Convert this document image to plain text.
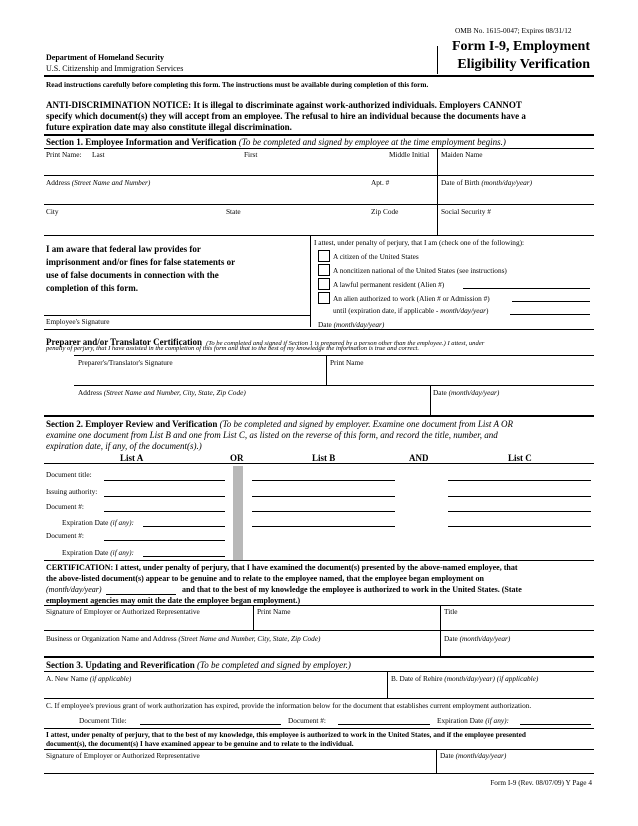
OMB No. 1615-0047; Expires 08/31/12
Form I-9, Employment
Eligibility Verification
Department of Homeland Security
U.S. Citizenship and Immigration Services
Read instructions carefully before completing this form. The instructions must be available during completion of this form.
ANTI-DISCRIMINATION NOTICE: It is illegal to discriminate against work-authorized individuals. Employers CANNOT
specify which document(s) they will accept from an employee. The refusal to hire an individual because the documents have a
future expiration date may also constitute illegal discrimination.
Section 1. Employee Information and Verification (To be completed and signed by employee at the time employment begins.)
Print Name: Last	First	Middle Initial Maiden Name
Address (Street Name and Number)	Apt. #	Date of Birth (month/day/year)
City	State	Zip Code	Social Security #
I am aware that federal law provides for
imprisonment and/or fines for false statements or
use of false documents in connection with the
completion of this form.
I attest, under penalty of perjury, that I am (check one of the following):
A citizen of the United States
A noncitizen national of the United States (see instructions)
A lawful permanent resident (Alien #)
An alien authorized to work (Alien # or Admission #)
until (expiration date, if applicable - month/day/year)
Employee's Signature	Date (month/day/year)
Preparer and/or Translator Certification (To be completed and signed if Section 1 is prepared by a person other than the employee.) I attest, under
penalty of perjury, that I have assisted in the completion of this form and that to the best of my knowledge the information is true and correct.
Preparer's/Translator's Signature	Print Name
Address (Street Name and Number, City, State, Zip Code)	Date (month/day/year)
Section 2. Employer Review and Verification (To be completed and signed by employer. Examine one document from List A OR
examine one document from List B and one from List C, as listed on the reverse of this form, and record the title, number, and
expiration date, if any, of the document(s).)
List A	OR	List B	AND	List C
Document title:
Issuing authority:
Document #:
Expiration Date (if any):
Document #:
Expiration Date (if any):
CERTIFICATION: I attest, under penalty of perjury, that I have examined the document(s) presented by the above-named employee, that
the above-listed document(s) appear to be genuine and to relate to the employee named, that the employee began employment on
(month/day/year)	and that to the best of my knowledge the employee is authorized to work in the United States. (State
employment agencies may omit the date the employee began employment.)
Signature of Employer or Authorized Representative	Print Name	Title
Business or Organization Name and Address (Street Name and Number, City, State, Zip Code)	Date (month/day/year)
Section 3. Updating and Reverification (To be completed and signed by employer.)
A. New Name (if applicable)	B. Date of Rehire (month/day/year) (if applicable)
C. If employee's previous grant of work authorization has expired, provide the information below for the document that establishes current employment authorization.
Document Title:	Document #:	Expiration Date (if any):
I attest, under penalty of perjury, that to the best of my knowledge, this employee is authorized to work in the United States, and if the employee presented
document(s), the document(s) I have examined appear to be genuine and to relate to the individual.
Signature of Employer or Authorized Representative	Date (month/day/year)
Form I-9 (Rev. 08/07/09) Y Page 4
